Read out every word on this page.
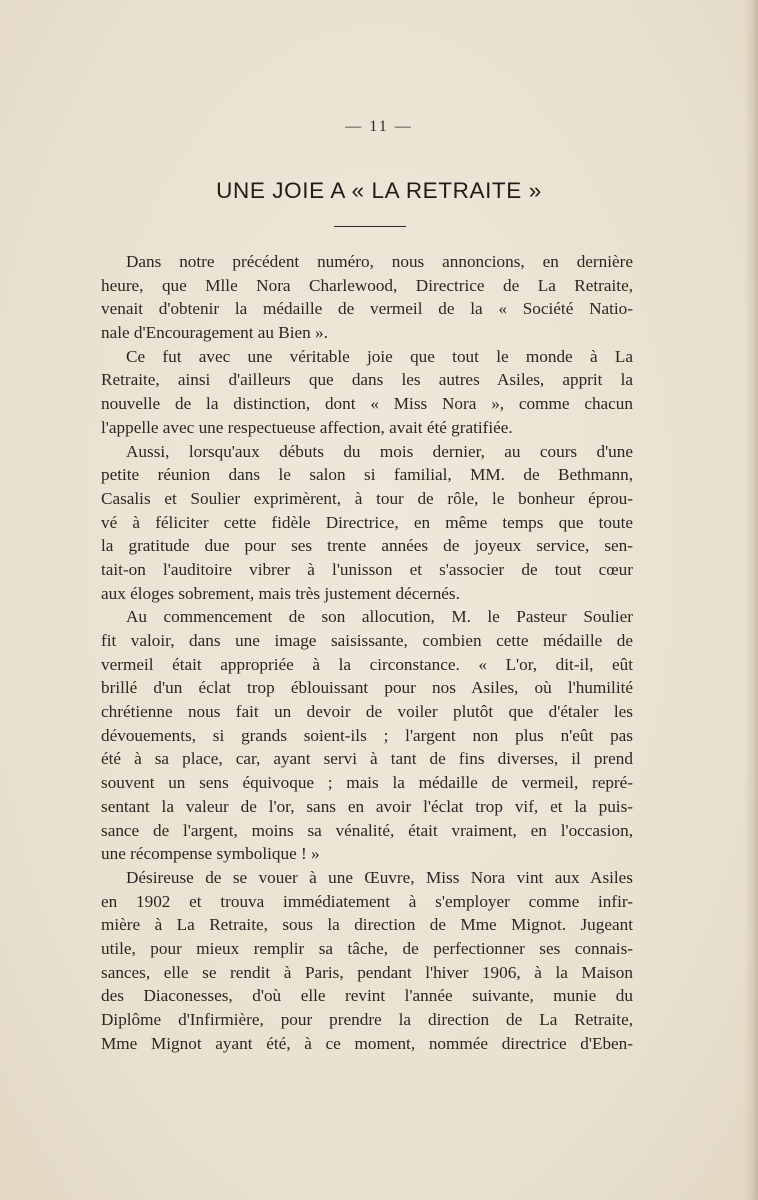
— 11 —
UNE JOIE A « LA RETRAITE »
Dans notre précédent numéro, nous annoncions, en dernière
heure, que Mlle Nora Charlewood, Directrice de La Retraite,
venait d'obtenir la médaille de vermeil de la « Société Natio-
nale d'Encouragement au Bien ».
Ce fut avec une véritable joie que tout le monde à La
Retraite, ainsi d'ailleurs que dans les autres Asiles, apprit la
nouvelle de la distinction, dont « Miss Nora », comme chacun
l'appelle avec une respectueuse affection, avait été gratifiée.
Aussi, lorsqu'aux débuts du mois dernier, au cours d'une
petite réunion dans le salon si familial, MM. de Bethmann,
Casalis et Soulier exprimèrent, à tour de rôle, le bonheur éprou-
vé à féliciter cette fidèle Directrice, en même temps que toute
la gratitude due pour ses trente années de joyeux service, sen-
tait-on l'auditoire vibrer à l'unisson et s'associer de tout cœur
aux éloges sobrement, mais très justement décernés.
Au commencement de son allocution, M. le Pasteur Soulier
fit valoir, dans une image saisissante, combien cette médaille de
vermeil était appropriée à la circonstance. « L'or, dit-il, eût
brillé d'un éclat trop éblouissant pour nos Asiles, où l'humilité
chrétienne nous fait un devoir de voiler plutôt que d'étaler les
dévouements, si grands soient-ils ; l'argent non plus n'eût pas
été à sa place, car, ayant servi à tant de fins diverses, il prend
souvent un sens équivoque ; mais la médaille de vermeil, repré-
sentant la valeur de l'or, sans en avoir l'éclat trop vif, et la puis-
sance de l'argent, moins sa vénalité, était vraiment, en l'occasion,
une récompense symbolique ! »
Désireuse de se vouer à une Œuvre, Miss Nora vint aux Asiles
en 1902 et trouva immédiatement à s'employer comme infir-
mière à La Retraite, sous la direction de Mme Mignot. Jugeant
utile, pour mieux remplir sa tâche, de perfectionner ses connais-
sances, elle se rendit à Paris, pendant l'hiver 1906, à la Maison
des Diaconesses, d'où elle revint l'année suivante, munie du
Diplôme d'Infirmière, pour prendre la direction de La Retraite,
Mme Mignot ayant été, à ce moment, nommée directrice d'Eben-
